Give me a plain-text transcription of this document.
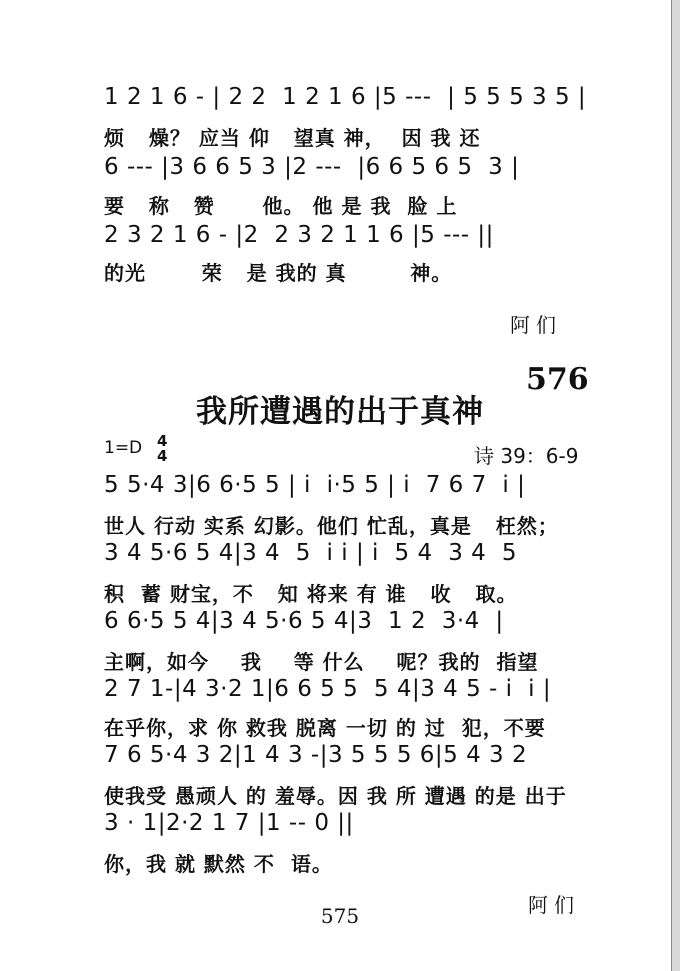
1 2 1 6 - | 2 2  1 2 1 6 |5 ---  | 5 5 5 3 5 |
烦   燥？ 应当 仰   望真 神，  因 我 还
6 --- |3 6 6 5 3 |2 ---  |6 6 5 6 5  3 |
要   称   赞      他。 他 是 我  脸 上
2 3 2 1 6 - |2  2 3 2 1 1 6 |5 --- ||
的光       荣   是 我的 真        神。
阿们
576
我所遭遇的出于真神
1=D 4
4	诗 39：6-9
5 5·4 3|6 6·5 5 | i  i·5 5 | i  7 6 7  i |
世人 行动 实系 幻影。他们 忙乱，真是   枉然；
3 4 5·6 5 4|3 4  5  i i | i  5 4  3 4  5
积  蓄 财宝，不   知 将来 有 谁   收   取。
6 6·5 5 4|3 4 5·6 5 4|3  1 2  3·4  |
主啊，如今    我    等 什么    呢？我的  指望
2 7 1-|4 3·2 1|6 6 5 5  5 4|3 4 5 - i  i |
在乎你，求 你 救我 脱离 一切 的 过  犯，不要
7 6 5·4 3 2|1 4 3 -|3 5 5 5 6|5 4 3 2
使我受 愚顽人 的 羞辱。因 我 所 遭遇 的是 出于
3 · 1|2·2 1 7 |1 -- 0 ||
你，我 就 默然 不  语。
阿们
575
